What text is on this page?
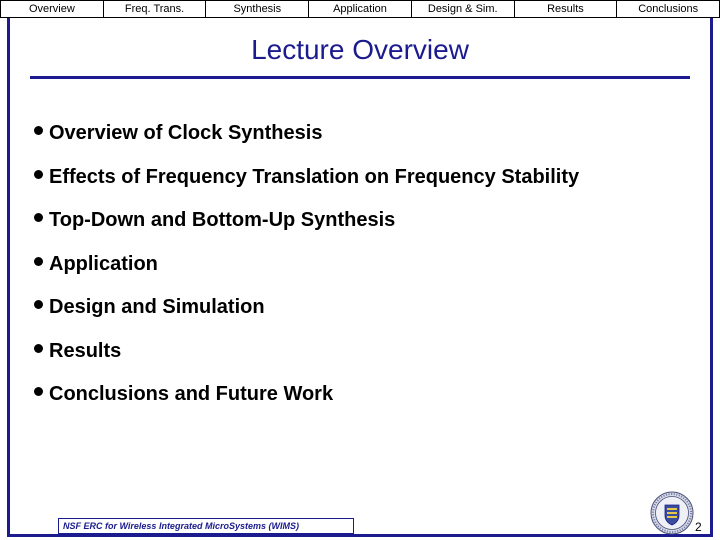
Overview	Freq. Trans.	Synthesis	Application	Design & Sim.	Results	Conclusions
Lecture Overview
Overview of Clock Synthesis
Effects of Frequency Translation on Frequency Stability
Top-Down and Bottom-Up Synthesis
Application
Design and Simulation
Results
Conclusions and Future Work
NSF ERC for Wireless Integrated MicroSystems (WIMS)	2
